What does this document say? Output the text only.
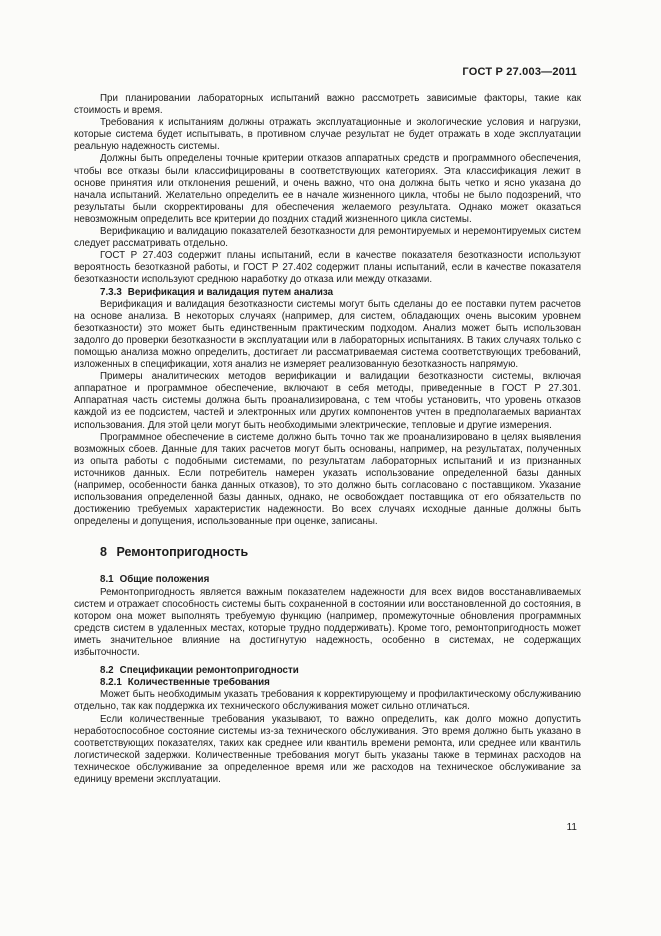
ГОСТ Р 27.003—2011

При планировании лабораторных испытаний важно рассмотреть зависимые факторы, такие как стоимость и время.

Требования к испытаниям должны отражать эксплуатационные и экологические условия и нагрузки, которые система будет испытывать, в противном случае результат не будет отражать в ходе эксплуатации реальную надежность системы.

Должны быть определены точные критерии отказов аппаратных средств и программного обеспечения, чтобы все отказы были классифицированы в соответствующих категориях. Эта классификация лежит в основе принятия или отклонения решений, и очень важно, что она должна быть четко и ясно указана до начала испытаний. Желательно определить ее в начале жизненного цикла, чтобы не было подозрений, что результаты были скорректированы для обеспечения желаемого результата. Однако может оказаться невозможным определить все критерии до поздних стадий жизненного цикла системы.

Верификацию и валидацию показателей безотказности для ремонтируемых и неремонтируемых систем следует рассматривать отдельно.

ГОСТ Р 27.403 содержит планы испытаний, если в качестве показателя безотказности используют вероятность безотказной работы, и ГОСТ Р 27.402 содержит планы испытаний, если в качестве показателя безотказности используют среднюю наработку до отказа или между отказами.

7.3.3 Верификация и валидация путем анализа

Верификация и валидация безотказности системы могут быть сделаны до ее поставки путем расчетов на основе анализа. В некоторых случаях (например, для систем, обладающих очень высоким уровнем безотказности) это может быть единственным практическим подходом. Анализ может быть использован задолго до проверки безотказности в эксплуатации или в лабораторных испытаниях. В таких случаях только с помощью анализа можно определить, достигает ли рассматриваемая система соответствующих требований, изложенных в спецификации, хотя анализ не измеряет реализованную безотказность напрямую.

Примеры аналитических методов верификации и валидации безотказности системы, включая аппаратное и программное обеспечение, включают в себя методы, приведенные в ГОСТ Р 27.301. Аппаратная часть системы должна быть проанализирована, с тем чтобы установить, что уровень отказов каждой из ее подсистем, частей и электронных или других компонентов учтен в предполагаемых вариантах использования. Для этой цели могут быть необходимыми электрические, тепловые и другие измерения.

Программное обеспечение в системе должно быть точно так же проанализировано в целях выявления возможных сбоев. Данные для таких расчетов могут быть основаны, например, на результатах, полученных из опыта работы с подобными системами, по результатам лабораторных испытаний и из признанных источников данных. Если потребитель намерен указать использование определенной базы данных (например, особенности банка данных отказов), то это должно быть согласовано с поставщиком. Указание использования определенной базы данных, однако, не освобождает поставщика от его обязательств по достижению требуемых характеристик надежности. Во всех случаях исходные данные должны быть определены и допущения, использованные при оценке, записаны.

8 Ремонтопригодность
8.1 Общие положения

Ремонтопригодность является важным показателем надежности для всех видов восстанавливаемых систем и отражает способность системы быть сохраненной в состоянии или восстановленной до состояния, в котором она может выполнять требуемую функцию (например, промежуточные обновления программных средств систем в удаленных местах, которые трудно поддерживать). Кроме того, ремонтопригодность может иметь значительное влияние на достигнутую надежность, особенно в системах, не содержащих избыточности.

8.2 Спецификации ремонтопригодности
8.2.1 Количественные требования

Может быть необходимым указать требования к корректирующему и профилактическому обслуживанию отдельно, так как поддержка их технического обслуживания может сильно отличаться.

Если количественные требования указывают, то важно определить, как долго можно допустить неработоспособное состояние системы из-за технического обслуживания. Это время должно быть указано в соответствующих показателях, таких как среднее или квантиль времени ремонта, или среднее или квантиль логистической задержки. Количественные требования могут быть указаны также в терминах расходов на техническое обслуживание за определенное время или же расходов на техническое обслуживание за единицу времени эксплуатации.

11
